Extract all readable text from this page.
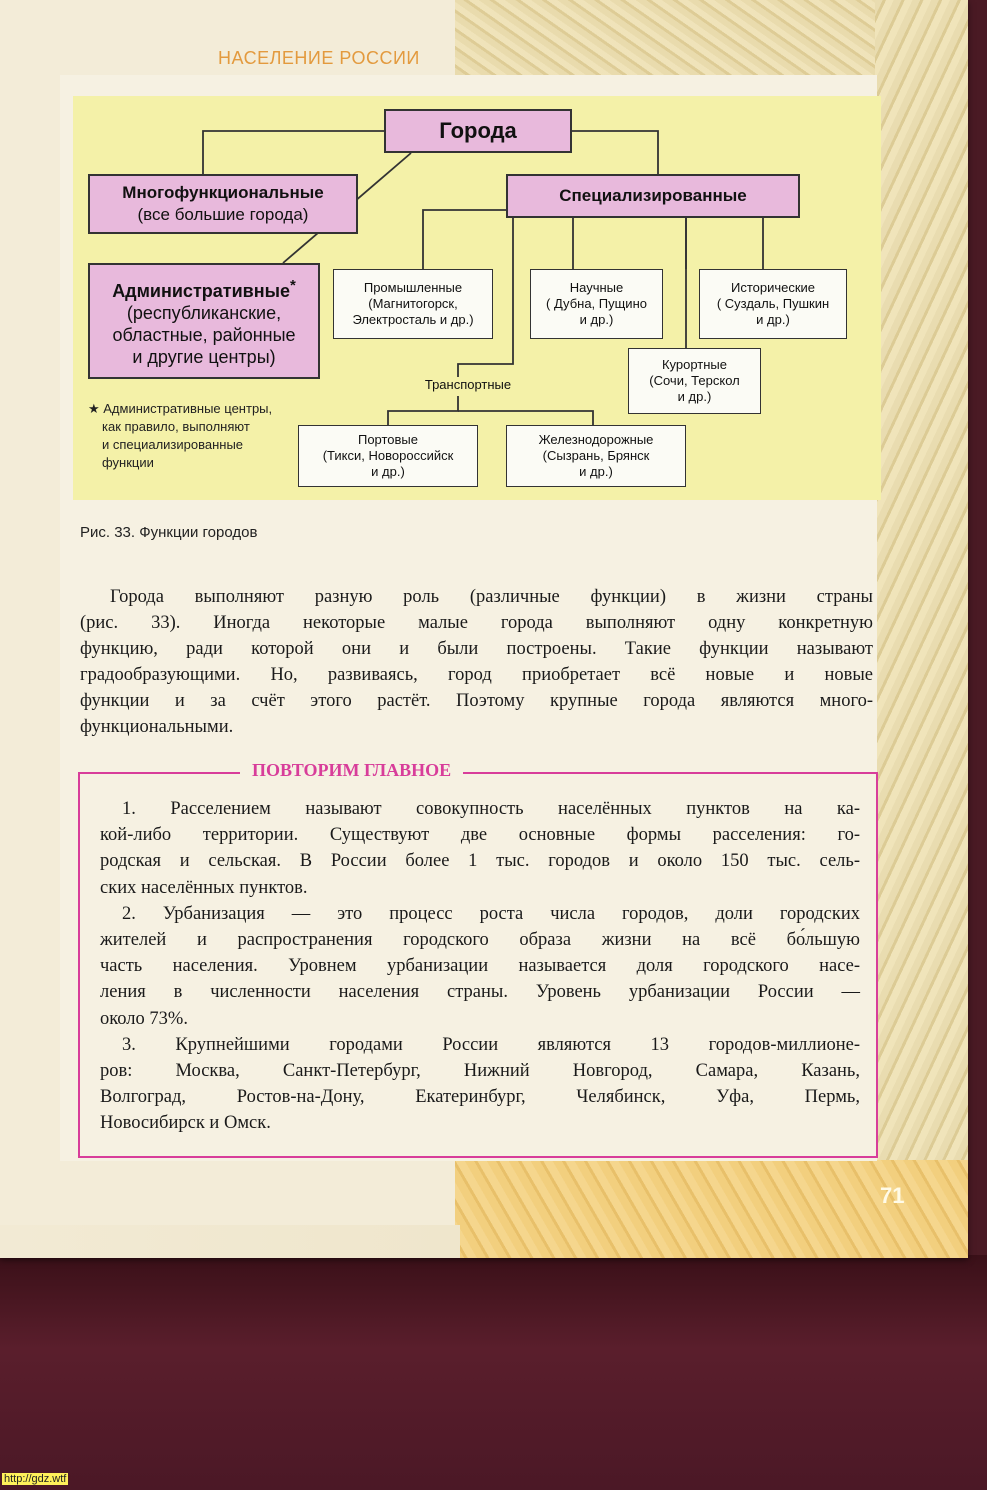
НАСЕЛЕНИЕ РОССИИ
Города
Многофункциональные
(все большие города)
Специализированные
Административные*
(республиканские,
областные, районные
и другие центры)
Промышленные
(Магнитогорск,
Электросталь и др.)
Научные
( Дубна, Пущино
и др.)
Исторические
( Суздаль, Пушкин
и др.)
Курортные
(Сочи, Терскол
и др.)
Транспортные
Портовые
(Тикси, Новороссийск
и др.)
Железнодорожные
(Сызрань, Брянск
и др.)
★ Административные центры,
как правило, выполняют
и специализированные
функции
Рис. 33. Функции городов
Города выполняют разную роль (различные функции) в жизни страны
(рис. 33). Иногда некоторые малые города выполняют одну конкретную
функцию, ради которой они и были построены. Такие функции называют
градообразующими. Но, развиваясь, город приобретает всё новые и новые
функции и за счёт этого растёт. Поэтому крупные города являются много-
функциональными.
ПОВТОРИМ ГЛАВНОЕ
1. Расселением называют совокупность населённых пунктов на ка-
кой-либо территории. Существуют две основные формы расселения: го-
родская и сельская. В России более 1 тыс. городов и около 150 тыс. сель-
ских населённых пунктов.
2. Урбанизация — это процесс роста числа городов, доли городских
жителей и распространения городского образа жизни на всё бо́льшую
часть населения. Уровнем урбанизации называется доля городского насе-
ления в численности населения страны. Уровень урбанизации России —
около 73%.
3. Крупнейшими городами России являются 13 городов-миллионе-
ров: Москва, Санкт-Петербург, Нижний Новгород, Самара, Казань,
Волгоград, Ростов-на-Дону, Екатеринбург, Челябинск, Уфа, Пермь,
Новосибирск и Омск.
71
http://gdz.wtf
